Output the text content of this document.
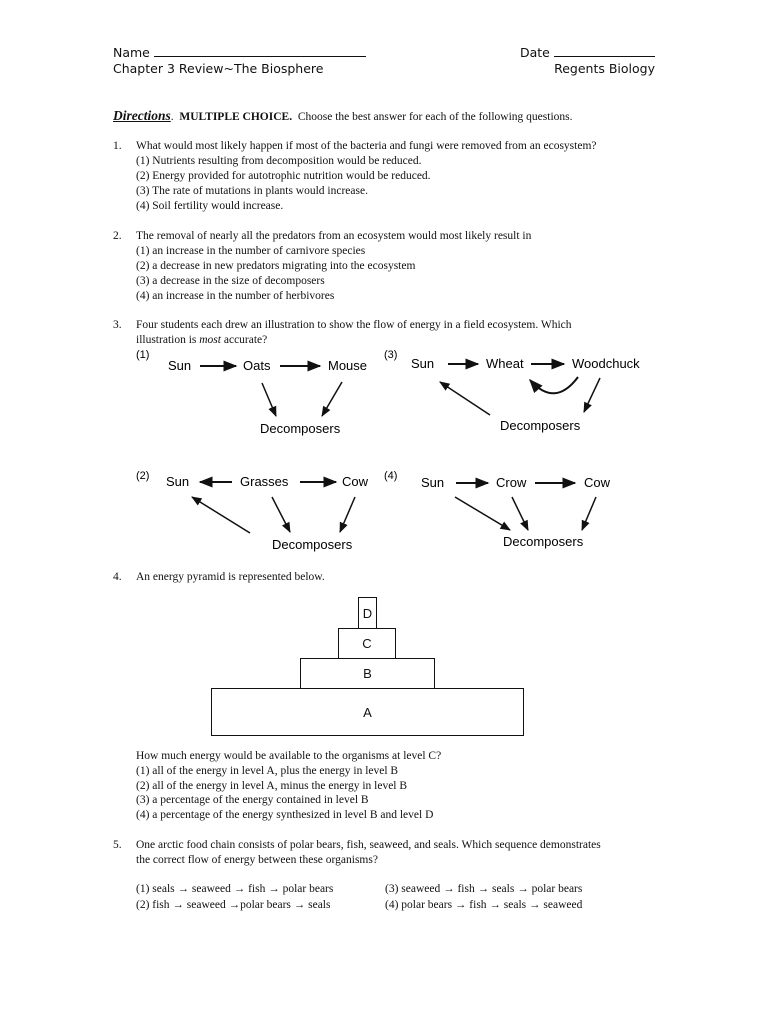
Name	Date
Chapter 3 Review~The Biosphere	Regents Biology
Directions. MULTIPLE CHOICE. Choose the best answer for each of the following questions.
1. What would most likely happen if most of the bacteria and fungi were removed from an ecosystem?
(1) Nutrients resulting from decomposition would be reduced.
(2) Energy provided for autotrophic nutrition would be reduced.
(3) The rate of mutations in plants would increase.
(4) Soil fertility would increase.
2. The removal of nearly all the predators from an ecosystem would most likely result in
(1) an increase in the number of carnivore species
(2) a decrease in new predators migrating into the ecosystem
(3) a decrease in the size of decomposers
(4) an increase in the number of herbivores
3. Four students each drew an illustration to show the flow of energy in a field ecosystem. Which
illustration is most accurate?
(1)
Sun	Oats	Mouse
Decomposers
(3)
Sun	Wheat	Woodchuck
Decomposers
(2) Sun	Grasses	Cow
Decomposers
(4) Sun	Crow	Cow
Decomposers
4. An energy pyramid is represented below.
D
C
B
A
How much energy would be available to the organisms at level C?
(1) all of the energy in level A, plus the energy in level B
(2) all of the energy in level A, minus the energy in level B
(3) a percentage of the energy contained in level B
(4) a percentage of the energy synthesized in level B and level D
5. One arctic food chain consists of polar bears, fish, seaweed, and seals. Which sequence demonstrates
the correct flow of energy between these organisms?
(1) seals → seaweed → fish → polar bears
(2) fish → seaweed →polar bears → seals
(3) seaweed → fish → seals → polar bears
(4) polar bears → fish → seals → seaweed
